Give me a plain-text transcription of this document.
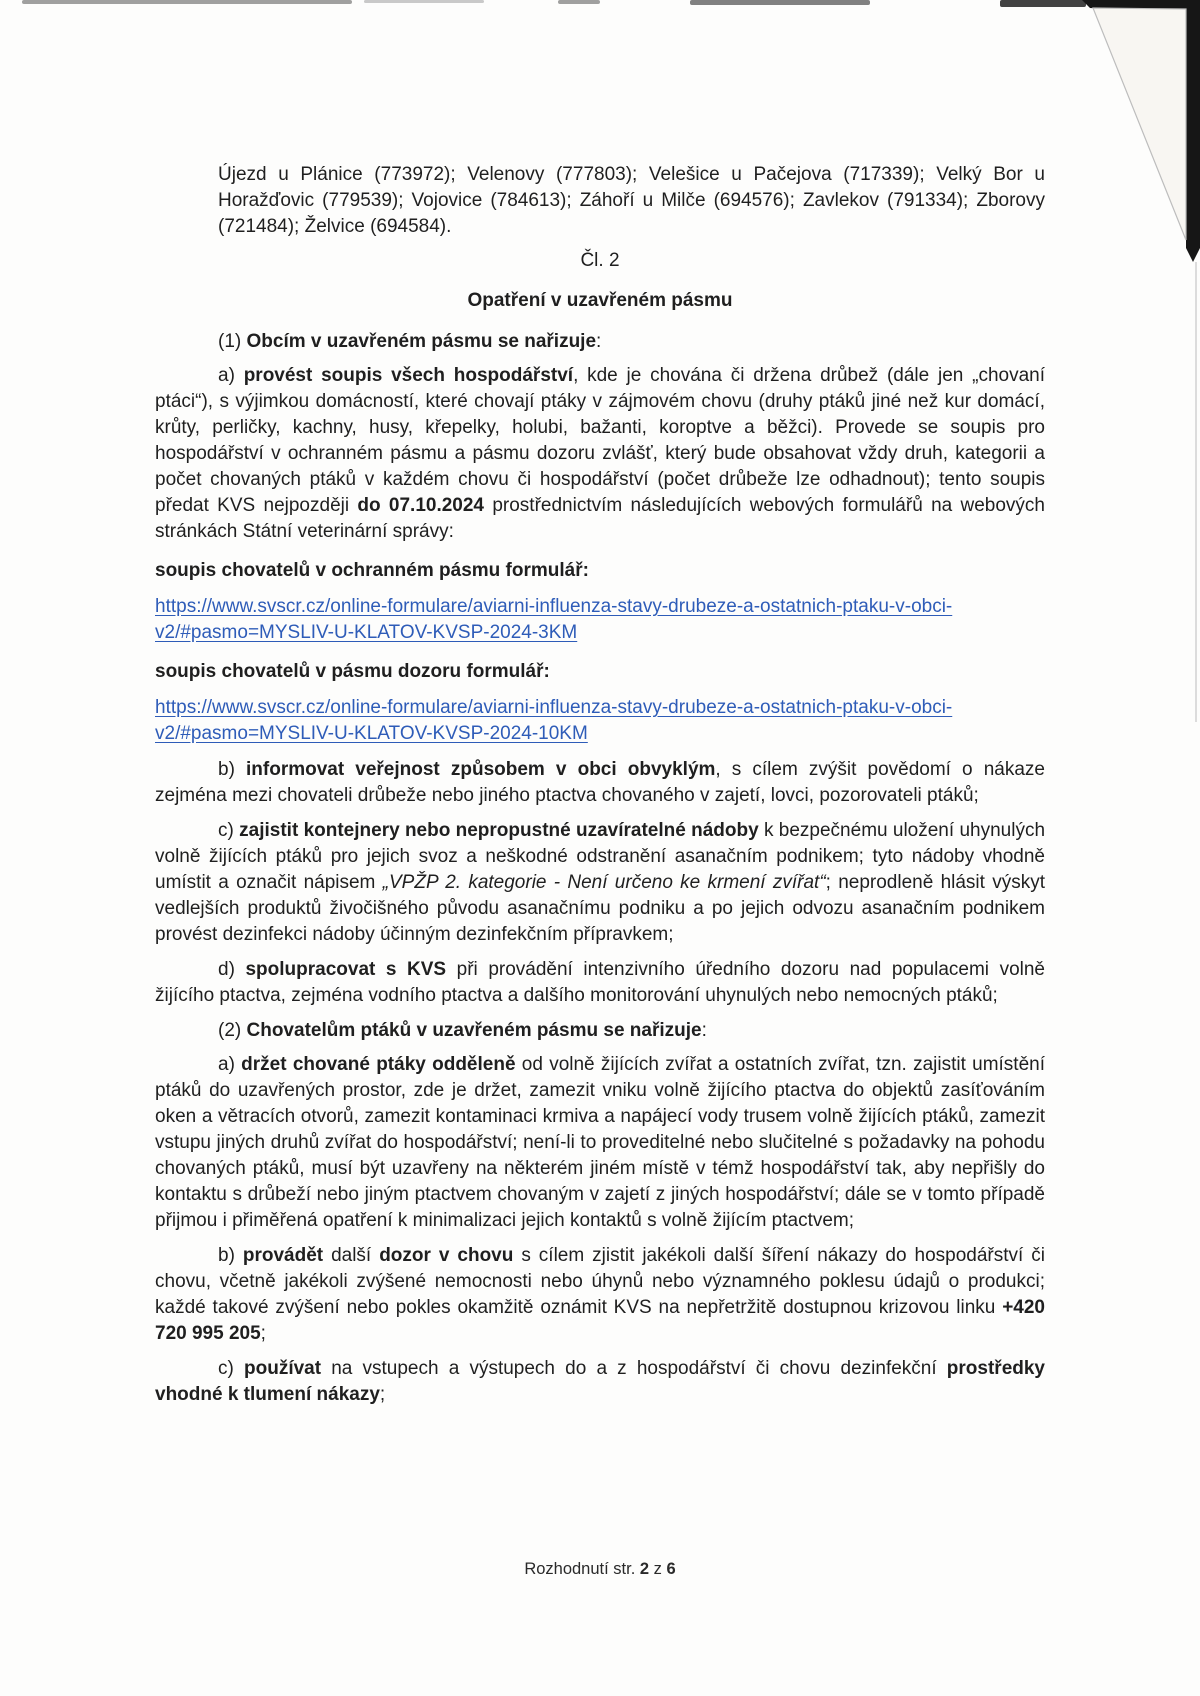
Újezd u Plánice (773972); Velenovy (777803); Velešice u Pačejova (717339); Velký Bor u Horažďovic (779539); Vojovice (784613); Záhoří u Milče (694576); Zavlekov (791334); Zborovy (721484); Želvice (694584).
Čl. 2
Opatření v uzavřeném pásmu
(1) Obcím v uzavřeném pásmu se nařizuje:
a) provést soupis všech hospodářství, kde je chována či držena drůbež (dále jen „chovaní ptáci“), s výjimkou domácností, které chovají ptáky v zájmovém chovu (druhy ptáků jiné než kur domácí, krůty, perličky, kachny, husy, křepelky, holubi, bažanti, koroptve a běžci). Provede se soupis pro hospodářství v ochranném pásmu a pásmu dozoru zvlášť, který bude obsahovat vždy druh, kategorii a počet chovaných ptáků v každém chovu či hospodářství (počet drůbeže lze odhadnout); tento soupis předat KVS nejpozději do 07.10.2024 prostřednictvím následujících webových formulářů na webových stránkách Státní veterinární správy:
soupis chovatelů v ochranném pásmu formulář:
https://www.svscr.cz/online-formulare/aviarni-influenza-stavy-drubeze-a-ostatnich-ptaku-v-obci-v2/#pasmo=MYSLIV-U-KLATOV-KVSP-2024-3KM
soupis chovatelů v pásmu dozoru formulář:
https://www.svscr.cz/online-formulare/aviarni-influenza-stavy-drubeze-a-ostatnich-ptaku-v-obci-v2/#pasmo=MYSLIV-U-KLATOV-KVSP-2024-10KM
b) informovat veřejnost způsobem v obci obvyklým, s cílem zvýšit povědomí o nákaze zejména mezi chovateli drůbeže nebo jiného ptactva chovaného v zajetí, lovci, pozorovateli ptáků;
c) zajistit kontejnery nebo nepropustné uzavíratelné nádoby k bezpečnému uložení uhynulých volně žijících ptáků pro jejich svoz a neškodné odstranění asanačním podnikem; tyto nádoby vhodně umístit a označit nápisem „VPŽP 2. kategorie - Není určeno ke krmení zvířat“; neprodleně hlásit výskyt vedlejších produktů živočišného původu asanačnímu podniku a po jejich odvozu asanačním podnikem provést dezinfekci nádoby účinným dezinfekčním přípravkem;
d) spolupracovat s KVS při provádění intenzivního úředního dozoru nad populacemi volně žijícího ptactva, zejména vodního ptactva a dalšího monitorování uhynulých nebo nemocných ptáků;
(2) Chovatelům ptáků v uzavřeném pásmu se nařizuje:
a) držet chované ptáky odděleně od volně žijících zvířat a ostatních zvířat, tzn. zajistit umístění ptáků do uzavřených prostor, zde je držet, zamezit vniku volně žijícího ptactva do objektů zasíťováním oken a větracích otvorů, zamezit kontaminaci krmiva a napájecí vody trusem volně žijících ptáků, zamezit vstupu jiných druhů zvířat do hospodářství; není-li to proveditelné nebo slučitelné s požadavky na pohodu chovaných ptáků, musí být uzavřeny na některém jiném místě v témž hospodářství tak, aby nepřišly do kontaktu s drůbeží nebo jiným ptactvem chovaným v zajetí z jiných hospodářství; dále se v tomto případě přijmou i přiměřená opatření k minimalizaci jejich kontaktů s volně žijícím ptactvem;
b) provádět další dozor v chovu s cílem zjistit jakékoli další šíření nákazy do hospodářství či chovu, včetně jakékoli zvýšené nemocnosti nebo úhynů nebo významného poklesu údajů o produkci; každé takové zvýšení nebo pokles okamžitě oznámit KVS na nepřetržitě dostupnou krizovou linku +420 720 995 205;
c) používat na vstupech a výstupech do a z hospodářství či chovu dezinfekční prostředky vhodné k tlumení nákazy;
Rozhodnutí str. 2 z 6
